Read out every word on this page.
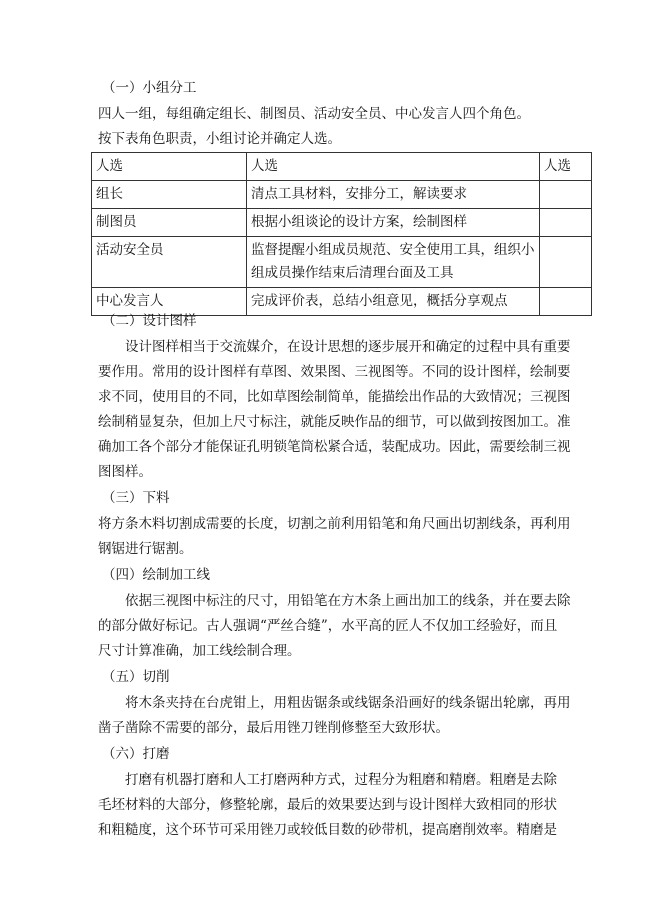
（一）小组分工
四人一组，每组确定组长、制图员、活动安全员、中心发言人四个角色。
按下表角色职责，小组讨论并确定人选。
人选	人选	人选
组长	清点工具材料，安排分工，解读要求	
制图员	根据小组谈论的设计方案，绘制图样	
活动安全员	监督提醒小组成员规范、安全使用工具，组织小
组成员操作结束后清理台面及工具	

中心发言人	完成评价表，总结小组意见，概括分享观点	
（二）设计图样
设计图样相当于交流媒介，在设计思想的逐步展开和确定的过程中具有重要
要作用。常用的设计图样有草图、效果图、三视图等。不同的设计图样，绘制要
求不同，使用目的不同，比如草图绘制简单，能描绘出作品的大致情况；三视图
绘制稍显复杂，但加上尺寸标注，就能反映作品的细节，可以做到按图加工。准
确加工各个部分才能保证孔明锁笔筒松紧合适，装配成功。因此，需要绘制三视
图图样。
（三）下料
将方条木料切割成需要的长度，切割之前利用铅笔和角尺画出切割线条，再利用
钢锯进行锯割。
（四）绘制加工线
依据三视图中标注的尺寸，用铅笔在方木条上画出加工的线条，并在要去除
的部分做好标记。古人强调“严丝合缝”，水平高的匠人不仅加工经验好，而且
尺寸计算准确，加工线绘制合理。
（五）切削
将木条夹持在台虎钳上，用粗齿锯条或线锯条沿画好的线条锯出轮廓，再用
凿子凿除不需要的部分，最后用锉刀锉削修整至大致形状。
（六）打磨
打磨有机器打磨和人工打磨两种方式，过程分为粗磨和精磨。粗磨是去除
毛坯材料的大部分，修整轮廓，最后的效果要达到与设计图样大致相同的形状
和粗糙度，这个环节可采用锉刀或较低目数的砂带机，提高磨削效率。精磨是
